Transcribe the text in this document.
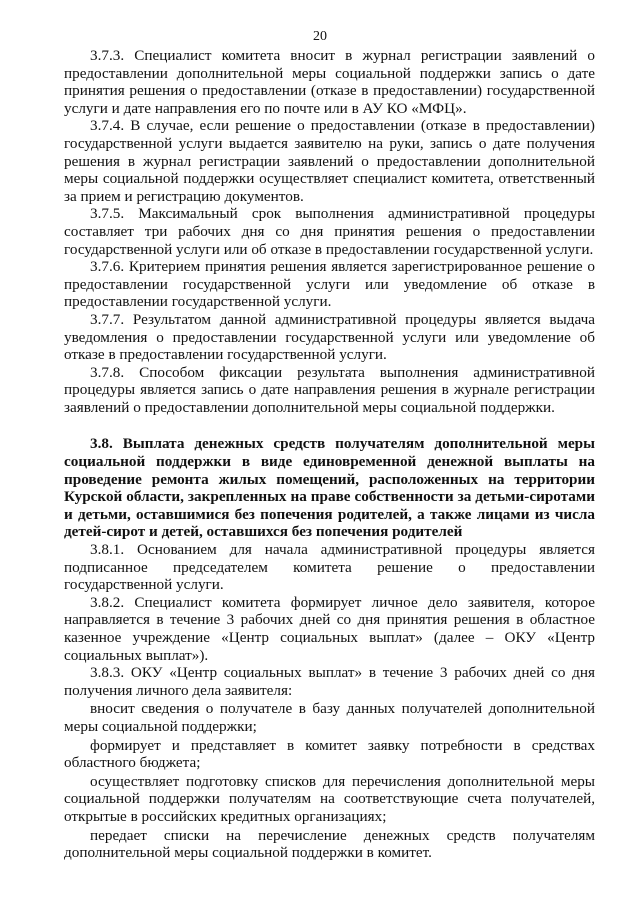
20

3.7.3. Специалист комитета вносит в журнал регистрации заявлений о предоставлении дополнительной меры социальной поддержки запись о дате принятия решения о предоставлении (отказе в предоставлении) государственной услуги и дате направления его по почте или в АУ КО «МФЦ».

3.7.4. В случае, если решение о предоставлении (отказе в предоставлении) государственной услуги выдается заявителю на руки, запись о дате получения решения в журнал регистрации заявлений о предоставлении дополнительной меры социальной поддержки осуществляет специалист комитета, ответственный за прием и регистрацию документов.

3.7.5. Максимальный срок выполнения административной процедуры составляет три рабочих дня со дня принятия решения о предоставлении государственной услуги или об отказе в предоставлении государственной услуги.

3.7.6. Критерием принятия решения является зарегистрированное решение о предоставлении государственной услуги или уведомление об отказе в предоставлении государственной услуги.

3.7.7. Результатом данной административной процедуры является выдача уведомления о предоставлении государственной услуги или уведомление об отказе в предоставлении государственной услуги.

3.7.8. Способом фиксации результата выполнения административной процедуры является запись о дате направления решения в журнале регистрации заявлений о предоставлении дополнительной меры социальной поддержки.

3.8. Выплата денежных средств получателям дополнительной меры социальной поддержки в виде единовременной денежной выплаты на проведение ремонта жилых помещений, расположенных на территории Курской области, закрепленных на праве собственности за детьми-сиротами и детьми, оставшимися без попечения родителей, а также лицами из числа детей-сирот и детей, оставшихся без попечения родителей

3.8.1. Основанием для начала административной процедуры является подписанное председателем комитета решение о предоставлении государственной услуги.

3.8.2. Специалист комитета формирует личное дело заявителя, которое направляется в течение 3 рабочих дней со дня принятия решения в областное казенное учреждение «Центр социальных выплат» (далее – ОКУ «Центр социальных выплат»).

3.8.3. ОКУ «Центр социальных выплат» в течение 3 рабочих дней со дня получения личного дела заявителя:

вносит сведения о получателе в базу данных получателей дополнительной меры социальной поддержки;

формирует и представляет в комитет заявку потребности в средствах областного бюджета;

осуществляет подготовку списков для перечисления дополнительной меры социальной поддержки получателям на соответствующие счета получателей, открытые в российских кредитных организациях;

передает списки на перечисление денежных средств получателям дополнительной меры социальной поддержки в комитет.
